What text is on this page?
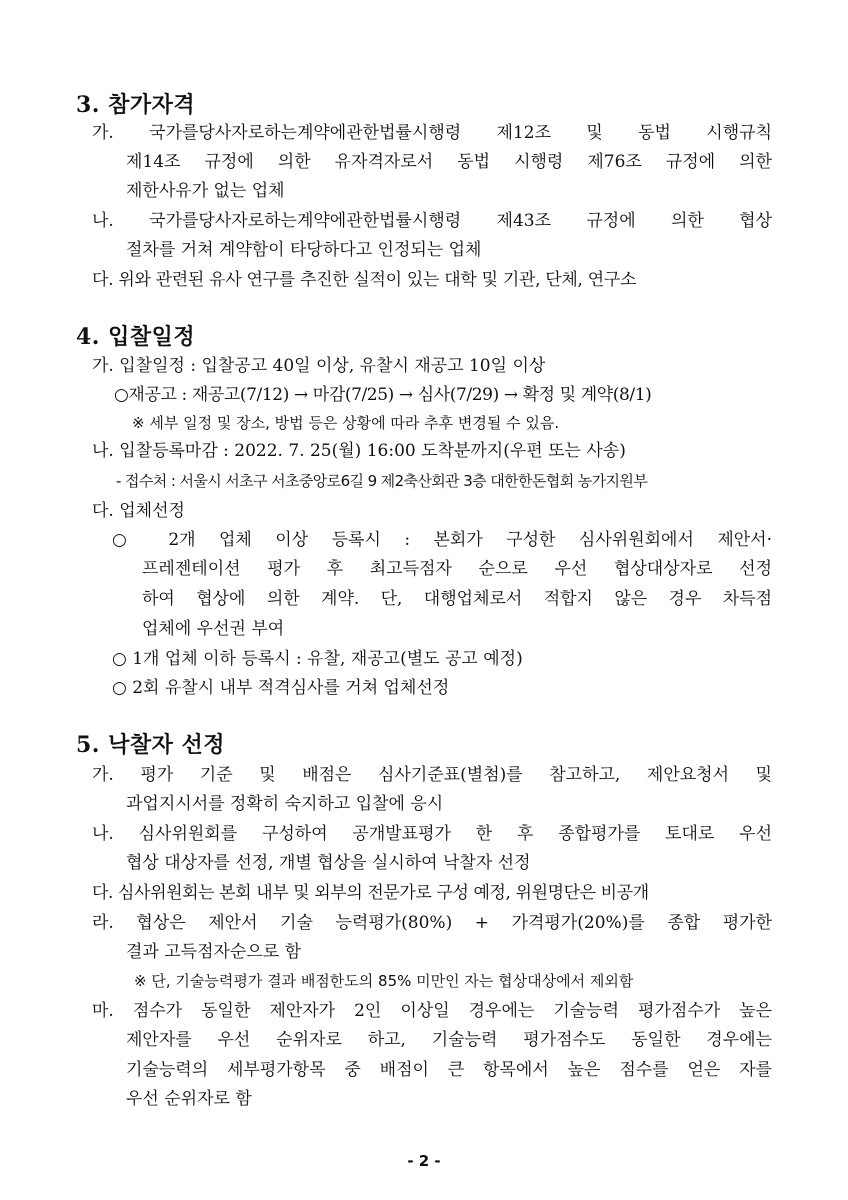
3. 참가자격
가. 국가를당사자로하는계약에관한법률시행령 제12조 및 동법 시행규칙
제14조 규정에 의한 유자격자로서 동법 시행령 제76조 규정에 의한
제한사유가 없는 업체
나. 국가를당사자로하는계약에관한법률시행령 제43조 규정에 의한 협상
절차를 거쳐 계약함이 타당하다고 인정되는 업체
다. 위와 관련된 유사 연구를 추진한 실적이 있는 대학 및 기관, 단체, 연구소
4. 입찰일정
가. 입찰일정 : 입찰공고 40일 이상, 유찰시 재공고 10일 이상
○재공고 : 재공고(7/12) → 마감(7/25) → 심사(7/29) → 확정 및 계약(8/1)
※ 세부 일정 및 장소, 방법 등은 상황에 따라 추후 변경될 수 있음.
나. 입찰등록마감 : 2022. 7. 25(월) 16:00 도착분까지(우편 또는 사송)
- 접수처 : 서울시 서초구 서초중앙로6길 9 제2축산회관 3층 대한한돈협회 농가지원부
다. 업체선정
○ 2개 업체 이상 등록시 : 본회가 구성한 심사위원회에서 제안서·
프레젠테이션 평가 후 최고득점자 순으로 우선 협상대상자로 선정
하여 협상에 의한 계약. 단, 대행업체로서 적합지 않은 경우 차득점
업체에 우선권 부여
○ 1개 업체 이하 등록시 : 유찰, 재공고(별도 공고 예정)
○ 2회 유찰시 내부 적격심사를 거쳐 업체선정
5. 낙찰자 선정
가. 평가 기준 및 배점은 심사기준표(별첨)를 참고하고, 제안요청서 및
과업지시서를 정확히 숙지하고 입찰에 응시
나. 심사위원회를 구성하여 공개발표평가 한 후 종합평가를 토대로 우선
협상 대상자를 선정, 개별 협상을 실시하여 낙찰자 선정
다. 심사위원회는 본회 내부 및 외부의 전문가로 구성 예정, 위원명단은 비공개
라. 협상은 제안서 기술 능력평가(80%) + 가격평가(20%)를 종합 평가한
결과 고득점자순으로 함
※ 단, 기술능력평가 결과 배점한도의 85% 미만인 자는 협상대상에서 제외함
마. 점수가 동일한 제안자가 2인 이상일 경우에는 기술능력 평가점수가 높은
제안자를 우선 순위자로 하고, 기술능력 평가점수도 동일한 경우에는
기술능력의 세부평가항목 중 배점이 큰 항목에서 높은 점수를 얻은 자를
우선 순위자로 함
- 2 -
